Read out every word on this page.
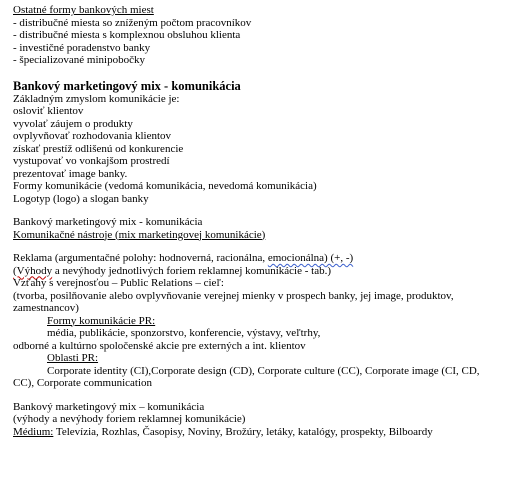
Ostatné formy bankových miest
- distribučné miesta so zníženým počtom pracovníkov
- distribučné miesta s komplexnou obsluhou klienta
- investičné poradenstvo banky
- špecializované minipobočky
Bankový marketingový mix - komunikácia
Základným zmyslom komunikácie je:
osloviť klientov
vyvolať záujem o produkty
ovplyvňovať rozhodovania klientov
získať prestíž odlišenú od konkurencie
vystupovať vo vonkajšom prostredí
prezentovať image banky.
Formy komunikácie (vedomá komunikácia, nevedomá komunikácia)
Logotyp (logo) a slogan banky
Bankový marketingový mix - komunikácia
Komunikačné nástroje (mix marketingovej komunikácie)
Reklama (argumentačné polohy: hodnoverná, racionálna, emocionálna) (+, -)
(Výhody a nevýhody jednotlivých foriem reklamnej komunikácie - tab.)
Vzťahy s verejnosťou – Public Relations – cieľ:
(tvorba, posilňovanie alebo ovplyvňovanie verejnej mienky v prospech banky, jej image, produktov,
zamestnancov)
Formy komunikácie PR:
média, publikácie, sponzorstvo, konferencie, výstavy, veľtrhy,
odborné a kultúrno spoločenské akcie pre externých a int. klientov
Oblasti PR:
Corporate identity (CI),Corporate design (CD), Corporate culture (CC), Corporate image (CI, CD,
CC), Corporate communication
Bankový marketingový mix – komunikácia
(výhody a nevýhody foriem reklamnej komunikácie)
Médium: Televízia, Rozhlas, Časopisy, Noviny, Brožúry, letáky, katalógy, prospekty, Bilboardy
